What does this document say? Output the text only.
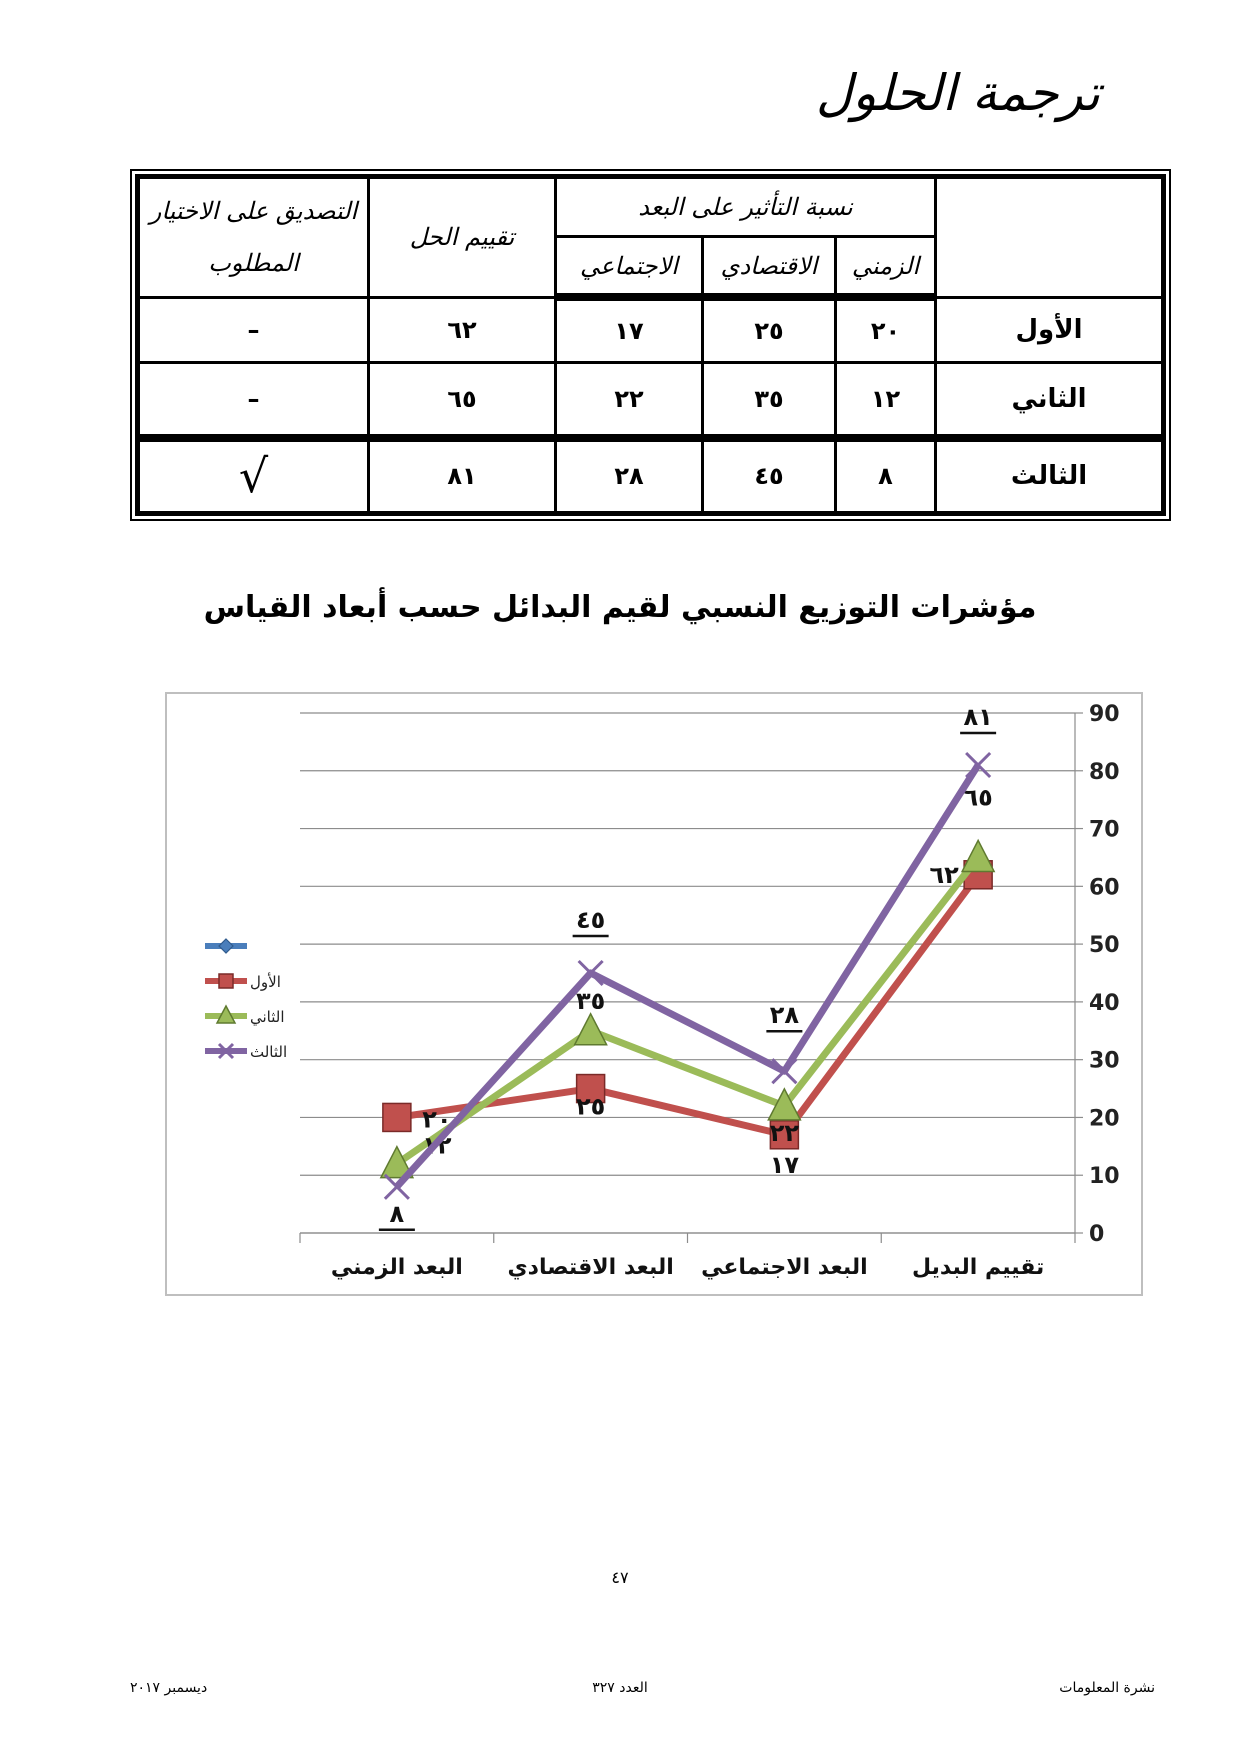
ترجمة الحلول
	نسبة التأثير على البعد			تقييم الحل	التصديق على الاختيار المطلوب
	الزمني	الاقتصادي	الاجتماعي		
الأول	٢٠	٢٥	١٧	٦٢	–
الثاني	١٢	٣٥	٢٢	٦٥	–
الثالث	٨	٤٥	٢٨	٨١	√
مؤشرات التوزيع النسبي لقيم البدائل حسب أبعاد القياس
0
10
20
30
40
50
60
70
80
90
البعد الزمني البعد الاقتصادي البعد الاجتماعي تقييم البديل
٢٠	٢٥
١٧
٦٢
١٢
٣٥
٢٢
٦٥
٨
٤٥
٢٨
٨١
الأول
الثاني
الثالث
٤٧
نشرة المعلومات
العدد ٣٢٧
ديسمبر ٢٠١٧
